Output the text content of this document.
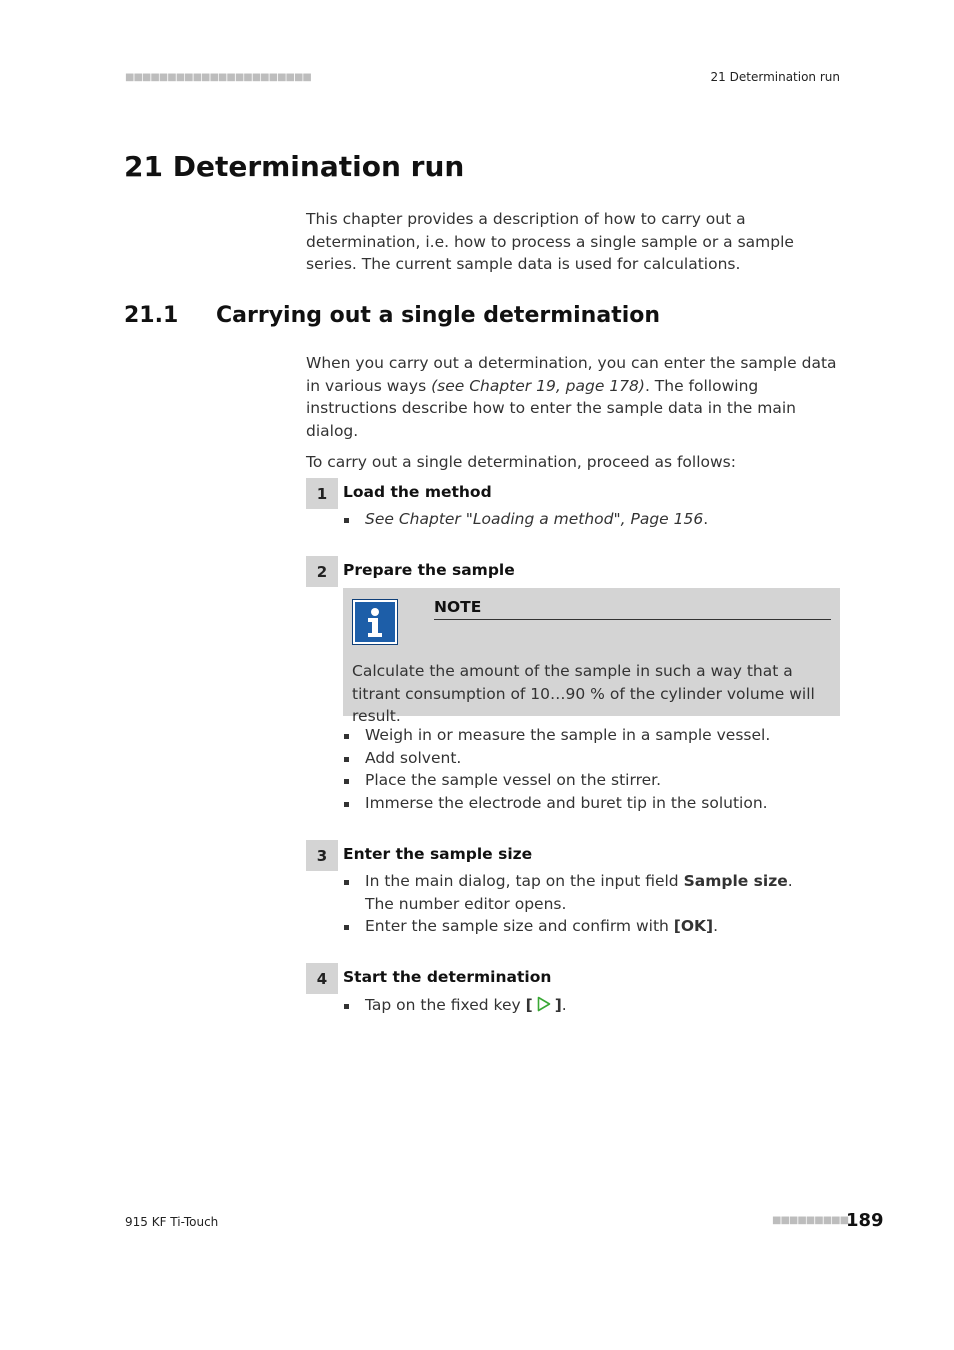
■■■■■■■■■■■■■■■■■■■■■■	21 Determination run
21 Determination run

This chapter provides a description of how to carry out a determination, i.e. how to process a single sample or a sample series. The current sample data is used for calculations.

21.1 Carrying out a single determination

When you carry out a determination, you can enter the sample data in various ways (see Chapter 19, page 178). The following instructions describe how to enter the sample data in the main dialog.

To carry out a single determination, proceed as follows:

1	Load the method
See Chapter "Loading a method", Page 156.
2	Prepare the sample
NOTE
Calculate the amount of the sample in such a way that a titrant consumption of 10…90 % of the cylinder volume will result.
Weigh in or measure the sample in a sample vessel.
Add solvent.
Place the sample vessel on the stirrer.
Immerse the electrode and buret tip in the solution.
3	Enter the sample size
In the main dialog, tap on the input field Sample size.
The number editor opens.
Enter the sample size and confirm with [OK].
4	Start the determination
Tap on the fixed key [ ].
915 KF Ti-Touch	■■■■■■■■■
189
